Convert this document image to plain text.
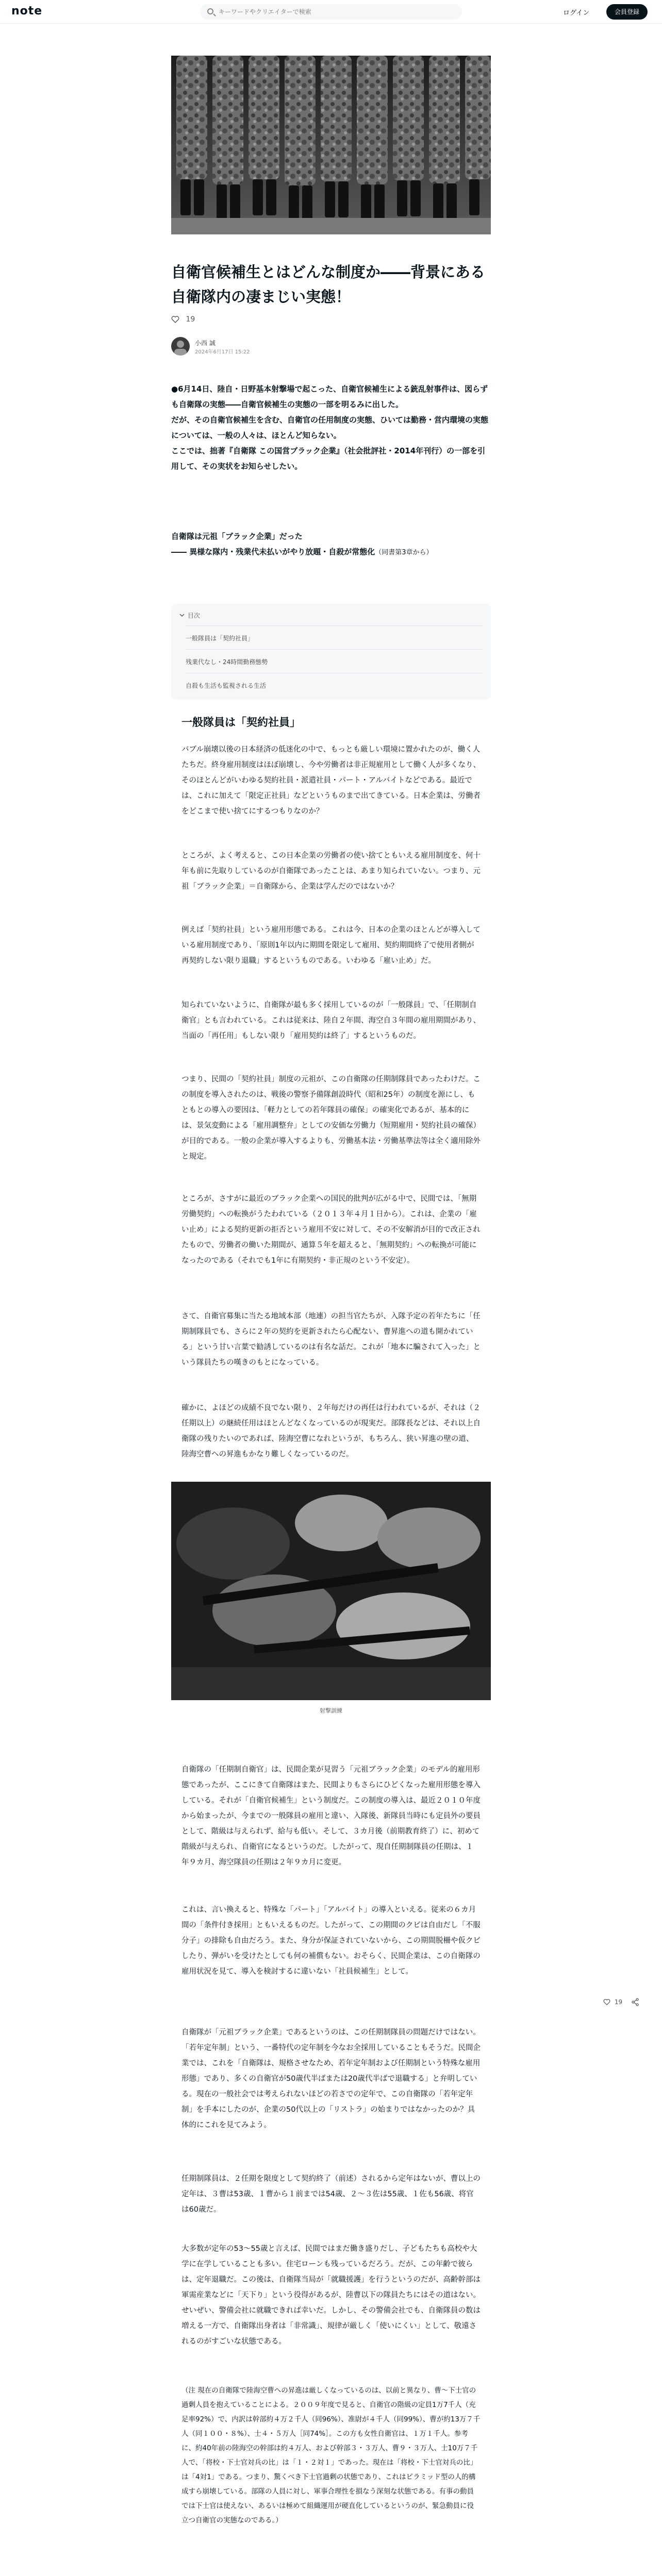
note
キーワードやクリエイターで検索	ログイン	会員登録
自衛官候補生とはどんな制度か――背景にある自衛隊内の凄まじい実態！
19
小西 誠
2024年6月17日 15:22

●6月14日、陸自・日野基本射撃場で起こった、自衛官候補生による銃乱射事件は、図らずも自衛隊の実態――自衛官候補生の実態の一部を明るみに出した。

だが、その自衛官候補生を含む、自衛官の任用制度の実態、ひいては勤務・営内環境の実態については、一般の人々は、ほとんど知らない。

ここでは、拙著『自衛隊 この国営ブラック企業』（社会批評社・2014年刊行）の一部を引用して、その実状をお知らせしたい。

自衛隊は元祖「ブラック企業」だった

―― 異様な隊内・残業代未払いがやり放題・自殺が常態化（同書第3章から）

目次
一般隊員は「契約社員」
残業代なし・24時間勤務態勢
自殺も生活も監視される生活
一般隊員は「契約社員」

バブル崩壊以後の日本経済の低迷化の中で、もっとも厳しい環境に置かれたのが、働く人たちだ。終身雇用制度はほぼ崩壊し、今や労働者は非正規雇用として働く人が多くなり、そのほとんどがいわゆる契約社員・派遣社員・パート・アルバイトなどである。最近では、これに加えて「限定正社員」などというものまで出てきている。日本企業は、労働者をどこまで使い捨てにするつもりなのか？

ところが、よく考えると、この日本企業の労働者の使い捨てともいえる雇用制度を、何十年も前に先取りしているのが自衛隊であったことは、あまり知られていない。つまり、元祖「ブラック企業」＝自衛隊から、企業は学んだのではないか？

例えば「契約社員」という雇用形態である。これは今、日本の企業のほとんどが導入している雇用制度であり、「原則1年以内に期間を限定して雇用、契約期間終了で使用者側が再契約しない限り退職」するというものである。いわゆる「雇い止め」だ。

知られていないように、自衛隊が最も多く採用しているのが「一般隊員」で、「任期制自衛官」とも言われている。これは従来は、陸自２年間、海空自３年間の雇用期間があり、当面の「再任用」もしない限り「雇用契約は終了」するというものだ。

つまり、民間の「契約社員」制度の元祖が、この自衛隊の任期制隊員であったわけだ。この制度を導入されたのは、戦後の警察予備隊創設時代（昭和25年）の制度を源にし、もともとの導入の要因は、「軽力としての若年隊員の確保」の確実化であるが、基本的には、景気変動による「雇用調整弁」としての安価な労働力（短期雇用・契約社員の確保）が目的である。一般の企業が導入するよりも、労働基本法・労働基準法等は全く適用除外と規定。

ところが、さすがに最近のブラック企業への国民的批判が広がる中で、民間では、「無期労働契約」への転換がうたわれている（２０１３年４月１日から）。これは、企業の「雇い止め」による契約更新の拒否という雇用不安に対して、その不安解消が目的で改正されたもので、労働者の働いた期間が、通算５年を超えると、「無期契約」への転換が可能になったのである（それでも1年に有期契約・非正規のという不安定）。

さて、自衛官募集に当たる地域本部（地連）の担当官たちが、入隊予定の若年たちに「任期制隊員でも、さらに２年の契約を更新されたら心配ない、曹昇進への道も開かれている」という甘い言葉で勧誘しているのは有名な話だ。これが「地本に騙されて入った」という隊員たちの嘆きのもとになっている。

確かに、よほどの成績不良でない限り、２年毎だけの再任は行われているが、それは（２任期以上）の継続任用はほとんどなくなっているのが現実だ。部隊長などは、それ以上自衛隊の残りたいのであれば、陸海空曹になれというが、もちろん、狭い昇進の壁の道、陸海空曹への昇進もかなり難しくなっているのだ。

射撃訓練

自衛隊の「任期制自衛官」は、民間企業が見習う「元祖ブラック企業」のモデル的雇用形態であったが、ここにきて自衛隊はまた、民間よりもさらにひどくなった雇用形態を導入している。それが「自衛官候補生」という制度だ。この制度の導入は、最近２０１０年度から始まったが、今までの一般隊員の雇用と違い、入隊後、新隊員当時にも定員外の要員として、階級は与えられず、給与も低い。そして、３カ月後（前期教育終了）に、初めて階級が与えられ、自衛官になるというのだ。したがって、現自任期制隊員の任期は、１年９カ月、海空隊員の任期は２年９カ月に変更。

これは、言い換えると、特殊な「パート」「アルバイト」の導入といえる。従来の６カ月間の「条件付き採用」ともいえるものだ。したがって、この期間のクビは自由だし「不服分子」の排除も自由だろう。また、身分が保証されていないから、この期間脱柵や仮クビしたり、弾がいを受けたとしても何の補償もない。おそらく、民間企業は、この自衛隊の雇用状況を見て、導入を検討するに違いない「社員候補生」として。

自衛隊が「元祖ブラック企業」であるというのは、この任期制隊員の問題だけではない。「若年定年制」という、一番特代の定年制を今なお全採用していることもそうだ。民間企業では、これを「自衛隊は、規格させなため、若年定年制および任期制という特殊な雇用形態」であり、多くの自衛官が50歳代半ばまたは20歳代半ばで退職する」と弁明している。現在の一般社会では考えられないほどの若さでの定年で、この自衛隊の「若年定年制」を手本にしたのが、企業の50代以上の「リストラ」の始まりではなかったのか？具体的にこれを見てみよう。

任期制隊員は、２任期を限度として契約終了（前述）されるから定年はないが、曹以上の定年は、３曹は53歳、１曹から１前までは54歳、２～３佐は55歳、１佐も56歳、将官は60歳だ。

大多数が定年の53～55歳と言えば、民間ではまだ働き盛りだし、子どもたちも高校や大学に在学していることも多い。住宅ローンも残っているだろう。だが、この年齢で彼らは、定年退職だ。この後は、自衛隊当局が「就職援護」を行うというのだが、高齢幹部は軍需産業などに「天下り」という役得があるが、陸曹以下の隊員たちにはその道はない。せいぜい、警備会社に就職できれば幸いだ。しかし、その警備会社でも、自衛隊員の数は増える一方で、自衛隊出身者は「非常識」、規律が厳しく「使いにくい」として、敬遠されるのがすごいな状態である。

（注 現在の自衛隊で陸海空曹への昇進は厳しくなっているのは、以前と異なり、曹～下士官の過剰人員を抱えていることによる。２００９年度で見ると、自衛官の階級の定員1万7千人（充足率92%）で、内訳は幹部約４万２千人（同96%）、准尉が４千人（同99%）、曹が約13万７千人（同１００・８%）、士４・５万人［同74%］。この方も女性自衛官は、１万１千人。参考に、約40年前の陸海空の幹部は約４万人、および幹部３・３万人、曹９・３万人、士10万７千人で、「将校・下士官対兵の比」は「１・２対１」であった。現在は「将校・下士官対兵の比」は「4対1」である。つまり、驚くべき下士官過剰の状態であり、これはピラミッド型の人的構成すら崩壊している。部隊の人員に対し、軍事合理性を損なう深刻な状態である。有事の動員では下士官は使えない、あるいは極めて組織運用が硬直化しているというのが、緊急動員に役立つ自衛官の実態なのである。）

19
